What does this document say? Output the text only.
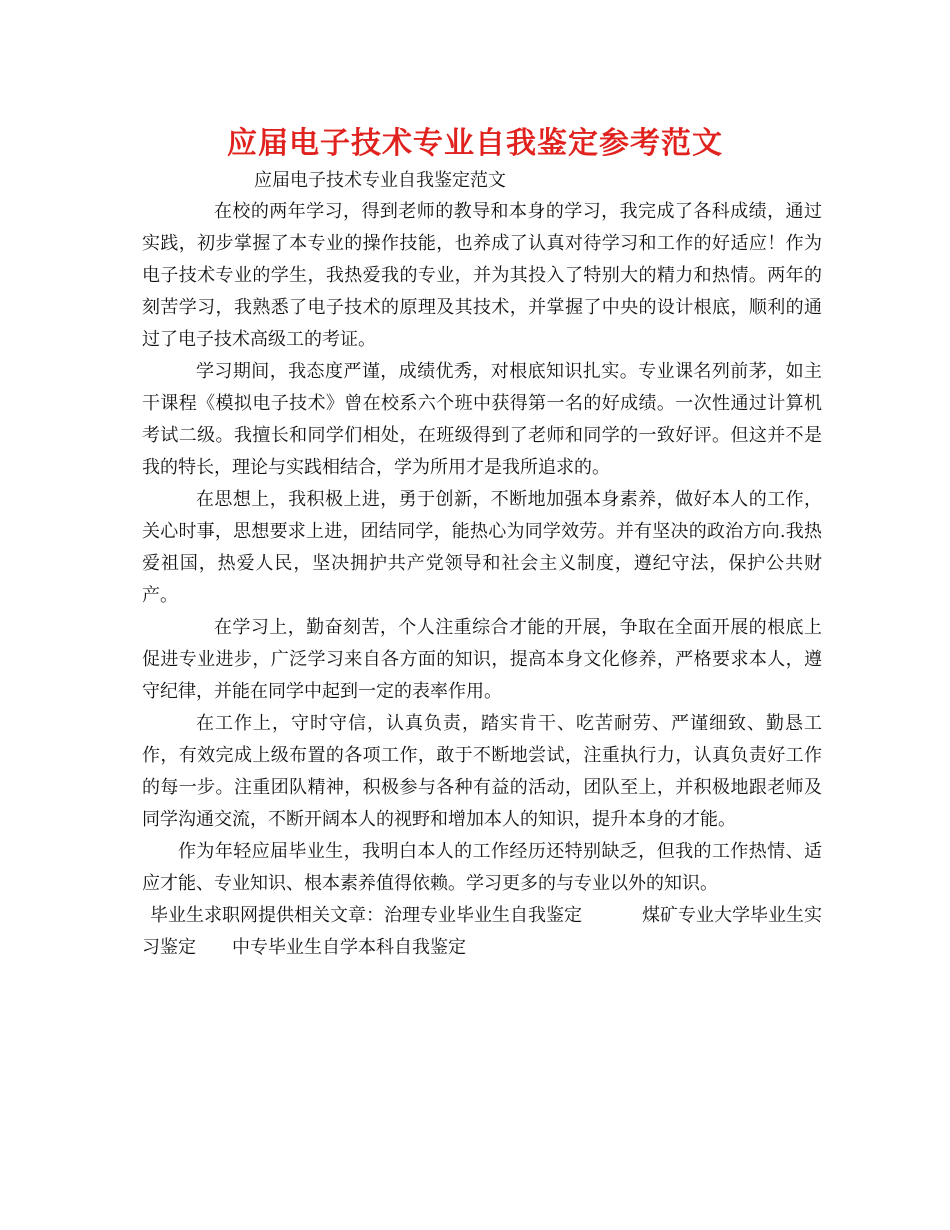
应届电子技术专业自我鉴定参考范文

应届电子技术专业自我鉴定范文

在校的两年学习，得到老师的教导和本身的学习，我完成了各科成绩，通过实践，初步掌握了本专业的操作技能，也养成了认真对待学习和工作的好适应！作为电子技术专业的学生，我热爱我的专业，并为其投入了特别大的精力和热情。两年的刻苦学习，我熟悉了电子技术的原理及其技术，并掌握了中央的设计根底，顺利的通过了电子技术高级工的考证。

学习期间，我态度严谨，成绩优秀，对根底知识扎实。专业课名列前茅，如主干课程《模拟电子技术》曾在校系六个班中获得第一名的好成绩。一次性通过计算机考试二级。我擅长和同学们相处，在班级得到了老师和同学的一致好评。但这并不是我的特长，理论与实践相结合，学为所用才是我所追求的。

在思想上，我积极上进，勇于创新，不断地加强本身素养，做好本人的工作，关心时事，思想要求上进，团结同学，能热心为同学效劳。并有坚决的政治方向.我热爱祖国，热爱人民，坚决拥护共产党领导和社会主义制度，遵纪守法，保护公共财产。

在学习上，勤奋刻苦，个人注重综合才能的开展，争取在全面开展的根底上促进专业进步，广泛学习来自各方面的知识，提高本身文化修养，严格要求本人，遵守纪律，并能在同学中起到一定的表率作用。

在工作上，守时守信，认真负责，踏实肯干、吃苦耐劳、严谨细致、勤恳工作，有效完成上级布置的各项工作，敢于不断地尝试，注重执行力，认真负责好工作的每一步。注重团队精神，积极参与各种有益的活动，团队至上，并积极地跟老师及同学沟通交流，不断开阔本人的视野和增加本人的知识，提升本身的才能。

作为年轻应届毕业生，我明白本人的工作经历还特别缺乏，但我的工作热情、适应才能、专业知识、根本素养值得依赖。学习更多的与专业以外的知识。

毕业生求职网提供相关文章：治理专业毕业生自我鉴定	煤矿专业大学毕业生实习鉴定 中专毕业生自学本科自我鉴定
